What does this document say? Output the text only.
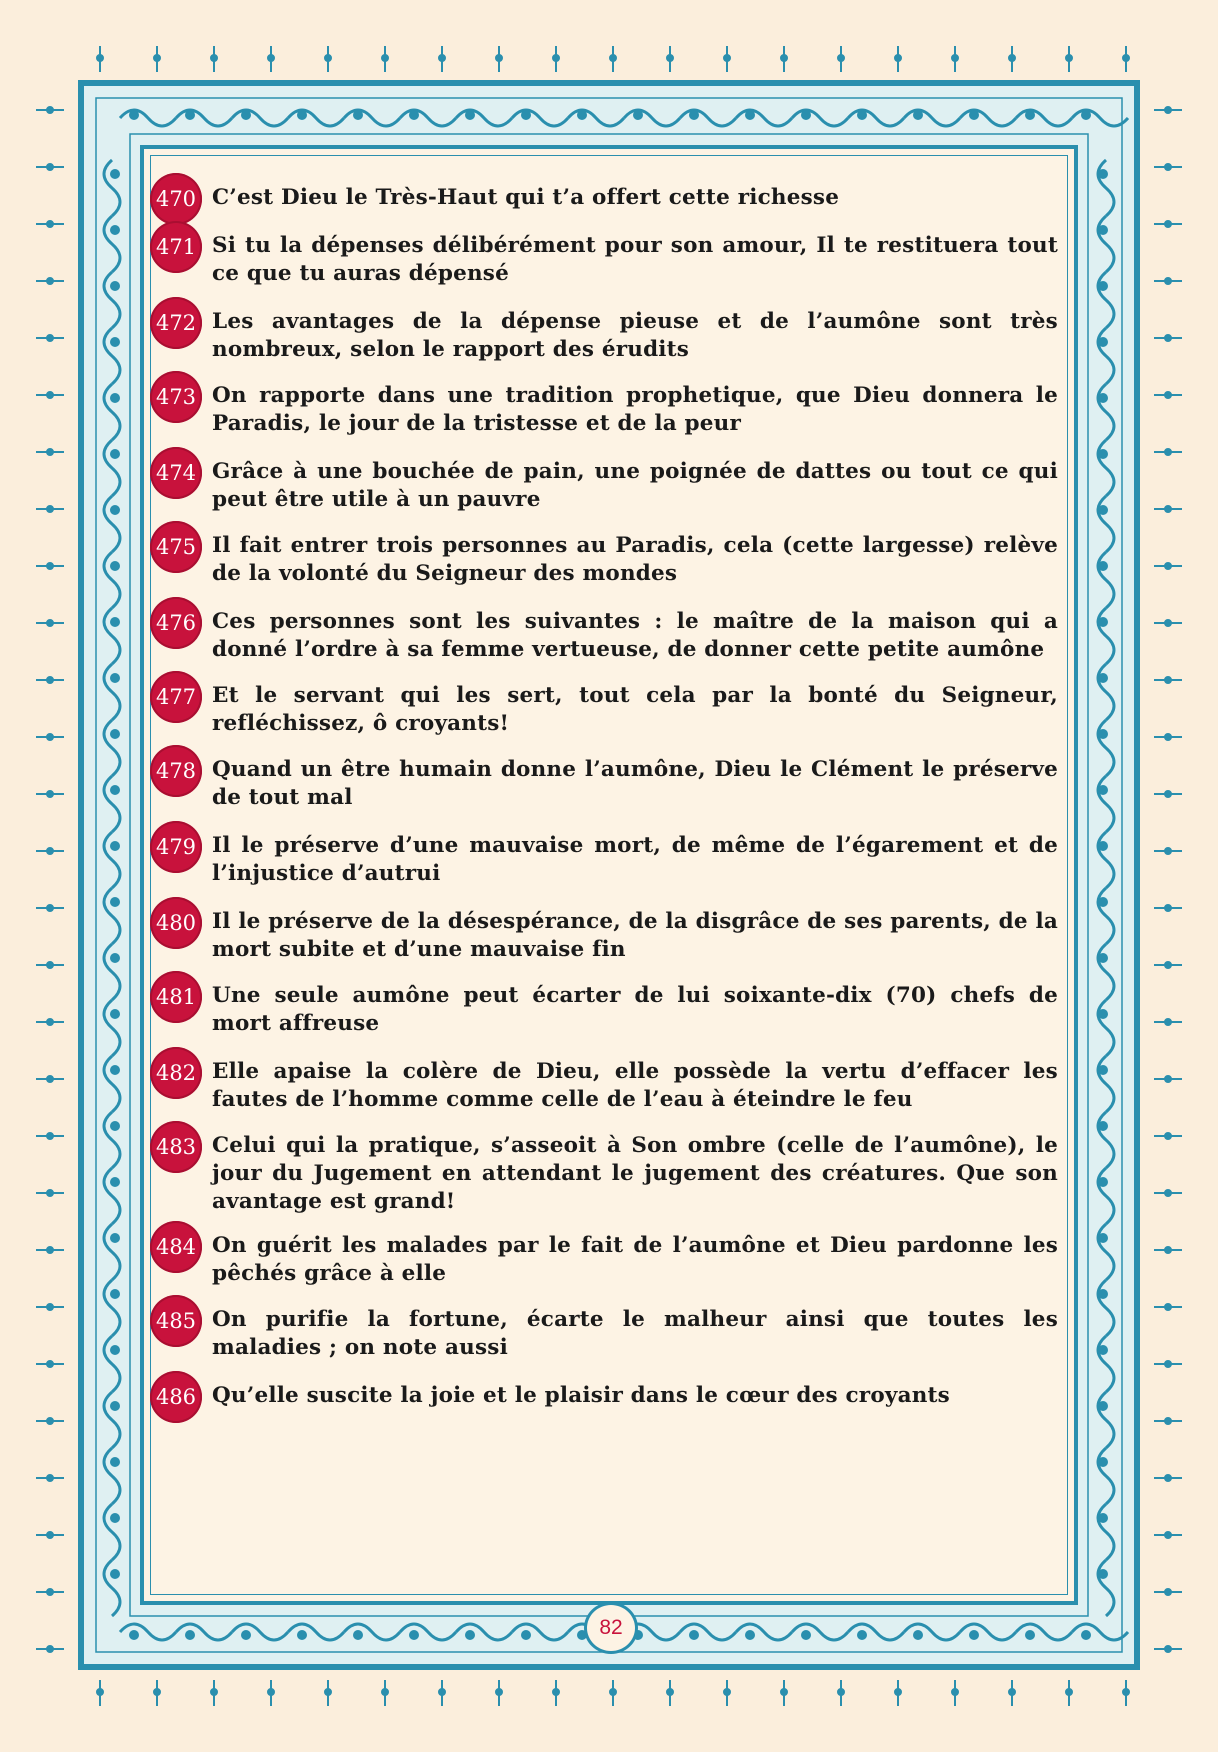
470 C’est Dieu le Très-Haut qui t’a offert cette richesse
471 Si tu la dépenses délibérément pour son amour, Il te restituera tout ce que tu auras dépensé
472 Les avantages de la dépense pieuse et de l’aumône sont très nombreux, selon le rapport des érudits
473 On rapporte dans une tradition prophetique, que Dieu donnera le Paradis, le jour de la tristesse et de la peur
474 Grâce à une bouchée de pain, une poignée de dattes ou tout ce qui peut être utile à un pauvre
475 Il fait entrer trois personnes au Paradis, cela (cette largesse) relève de la volonté du Seigneur des mondes
476 Ces personnes sont les suivantes : le maître de la maison qui a donné l’ordre à sa femme vertueuse, de donner cette petite aumône
477 Et le servant qui les sert, tout cela par la bonté du Seigneur, refléchissez, ô croyants!
478 Quand un être humain donne l’aumône, Dieu le Clément le préserve de tout mal
479 Il le préserve d’une mauvaise mort, de même de l’égarement et de l’injustice d’autrui
480 Il le préserve de la désespérance, de la disgrâce de ses parents, de la mort subite et d’une mauvaise fin
481 Une seule aumône peut écarter de lui soixante-dix (70) chefs de mort affreuse
482 Elle apaise la colère de Dieu, elle possède la vertu d’effacer les fautes de l’homme comme celle de l’eau à éteindre le feu
483 Celui qui la pratique, s’asseoit à Son ombre (celle de l’aumône), le jour du Jugement en attendant le jugement des créatures. Que son avantage est grand!
484 On guérit les malades par le fait de l’aumône et Dieu pardonne les pêchés grâce à elle
485 On purifie la fortune, écarte le malheur ainsi que toutes les maladies ; on note aussi
486 Qu’elle suscite la joie et le plaisir dans le cœur des croyants
82
